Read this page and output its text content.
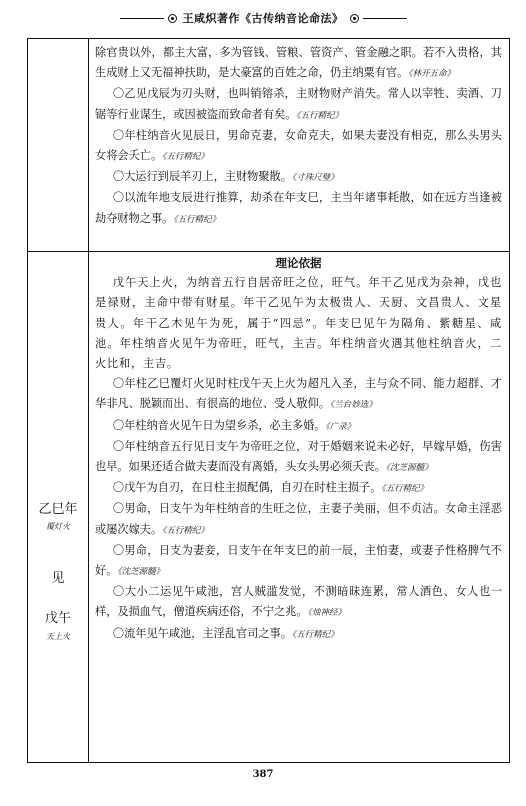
王咸炽著作《古传纳音论命法》
乙巳年
覆灯火
见
戊午
天上火

除官贵以外，都主大富，多为管钱、管粮、管资产、管金融之职。若不入贵格，其生成财上又无福神扶助，是大豪富的百姓之命，仍主纳粟有官。《林开五命》

〇乙见戊辰为刃头财，也叫销镕杀，主财物财产消失。常人以宰牲、卖酒、刀锯等行业谋生，或因被盗而致命者有矣。《五行精纪》

〇年柱纳音火见辰日，男命克妻，女命克夫，如果夫妻没有相克，那么头男头女将会夭亡。《五行精纪》

〇大运行到辰羊刃上，主财物聚散。《寸珠尺璧》

〇以流年地支辰进行推算，劫杀在年支巳，主当年诸事耗散，如在远方当逢被劫夺财物之事。《五行精纪》

理论依据

戊午天上火，为纳音五行自居帝旺之位，旺气。年干乙见戊为杂神，戊也是禄财，主命中带有财星。年干乙见午为太极贵人、天厨、文昌贵人、文星贵人。年干乙木见午为死，属于“四忌”。年支巳见午为隔角、紫糖星、咸池。年柱纳音火见午为帝旺，旺气，主吉。年柱纳音火遇其他柱纳音火，二火比和，主吉。

〇年柱乙巳覆灯火见时柱戊午天上火为超凡入圣，主与众不同、能力超群、才华非凡、脱颖而出、有很高的地位、受人敬仰。《兰台妙选》

〇年柱纳音火见午日为望乡杀，必主多婚。《广录》

〇年柱纳音五行见日支午为帝旺之位，对于婚姻来说未必好，早嫁早婚，伤害也早。如果还适合做夫妻而没有离婚，头女头男必须夭丧。《沈芝源髓》

〇戊午为自刃，在日柱主损配偶，自刃在时柱主损子。《五行精纪》

〇男命，日支午为年柱纳音的生旺之位，主妻子美丽，但不贞洁。女命主淫恶或屡次嫁夫。《五行精纪》

〇男命，日支为妻妾，日支午在年支巳的前一辰，主怕妻，或妻子性格脾气不好。《沈芝源髓》

〇大小二运见午咸池，宫人贼滥发觉，不测暗昧连累，常人酒色、女人也一样，及损血气，僧道疾病还俗，不宁之兆。《烛神经》

〇流年见午咸池，主淫乱官司之事。《五行精纪》

387
